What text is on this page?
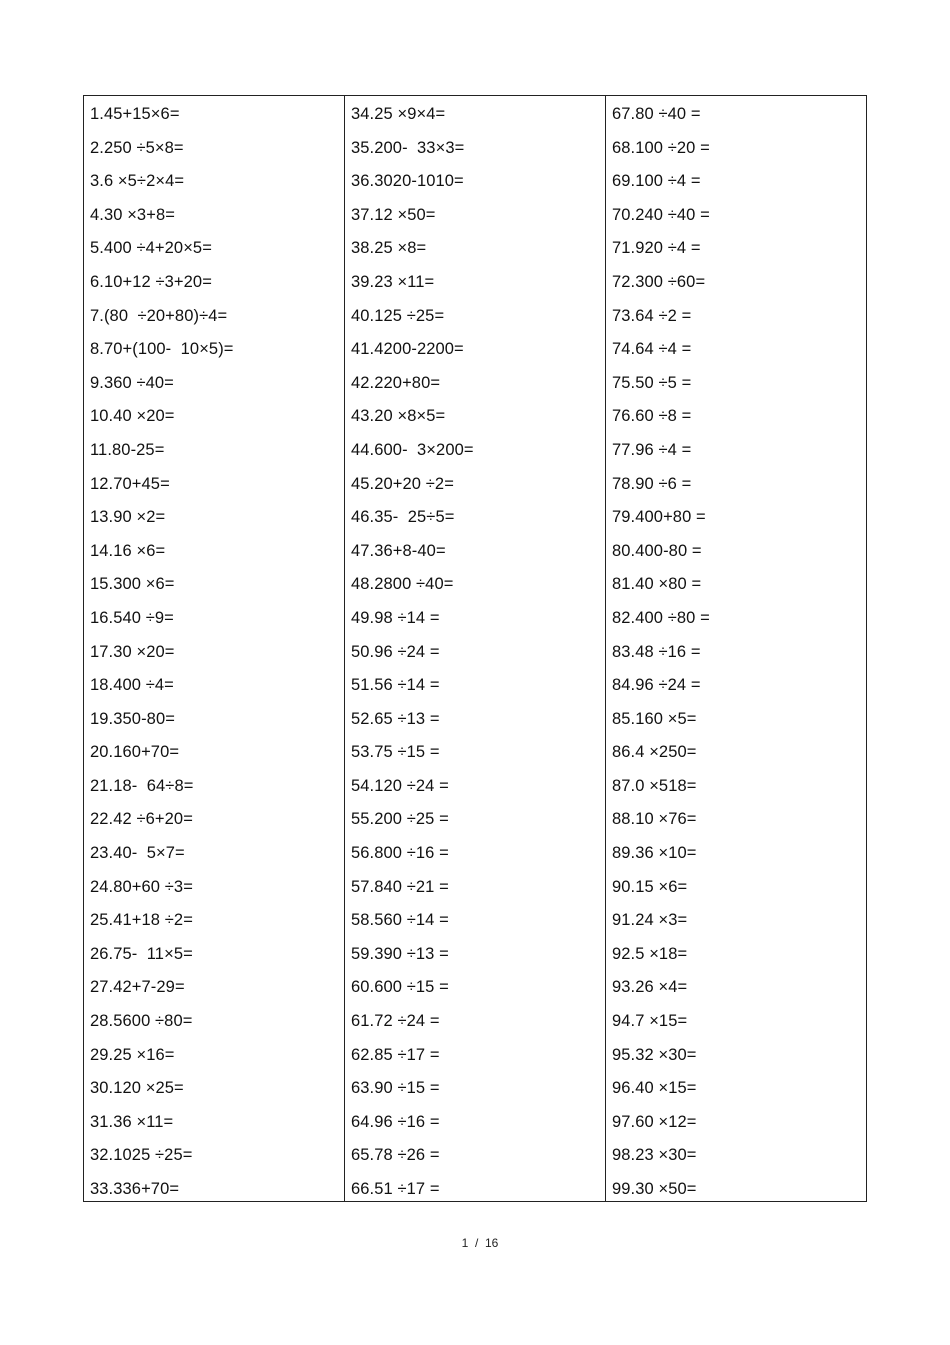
1.45+15×6=
2.250 ÷5×8=
3.6 ×5÷2×4=
4.30 ×3+8=
5.400 ÷4+20×5=
6.10+12 ÷3+20=
7.(80  ÷20+80)÷4=
8.70+(100-  10×5)=
9.360 ÷40=
10.40 ×20=
11.80-25=
12.70+45=
13.90 ×2=
14.16 ×6=
15.300 ×6=
16.540 ÷9=
17.30 ×20=
18.400 ÷4=
19.350-80=
20.160+70=
21.18-  64÷8=
22.42 ÷6+20=
23.40-  5×7=
24.80+60 ÷3=
25.41+18 ÷2=
26.75-  11×5=
27.42+7-29=
28.5600 ÷80=
29.25 ×16=
30.120 ×25=
31.36 ×11=
32.1025 ÷25=
33.336+70=
34.25 ×9×4=
35.200-  33×3=
36.3020-1010=
37.12 ×50=
38.25 ×8=
39.23 ×11=
40.125 ÷25=
41.4200-2200=
42.220+80=
43.20 ×8×5=
44.600-  3×200=
45.20+20 ÷2=
46.35-  25÷5=
47.36+8-40=
48.2800 ÷40=
49.98 ÷14 =
50.96 ÷24 =
51.56 ÷14 =
52.65 ÷13 =
53.75 ÷15 =
54.120 ÷24 =
55.200 ÷25 =
56.800 ÷16 =
57.840 ÷21 =
58.560 ÷14 =
59.390 ÷13 =
60.600 ÷15 =
61.72 ÷24 =
62.85 ÷17 =
63.90 ÷15 =
64.96 ÷16 =
65.78 ÷26 =
66.51 ÷17 =
67.80 ÷40 =
68.100 ÷20 =
69.100 ÷4 =
70.240 ÷40 =
71.920 ÷4 =
72.300 ÷60=
73.64 ÷2 =
74.64 ÷4 =
75.50 ÷5 =
76.60 ÷8 =
77.96 ÷4 =
78.90 ÷6 =
79.400+80 =
80.400-80 =
81.40 ×80 =
82.400 ÷80 =
83.48 ÷16 =
84.96 ÷24 =
85.160 ×5=
86.4 ×250=
87.0 ×518=
88.10 ×76=
89.36 ×10=
90.15 ×6=
91.24 ×3=
92.5 ×18=
93.26 ×4=
94.7 ×15=
95.32 ×30=
96.40 ×15=
97.60 ×12=
98.23 ×30=
99.30 ×50=
1  /  16
